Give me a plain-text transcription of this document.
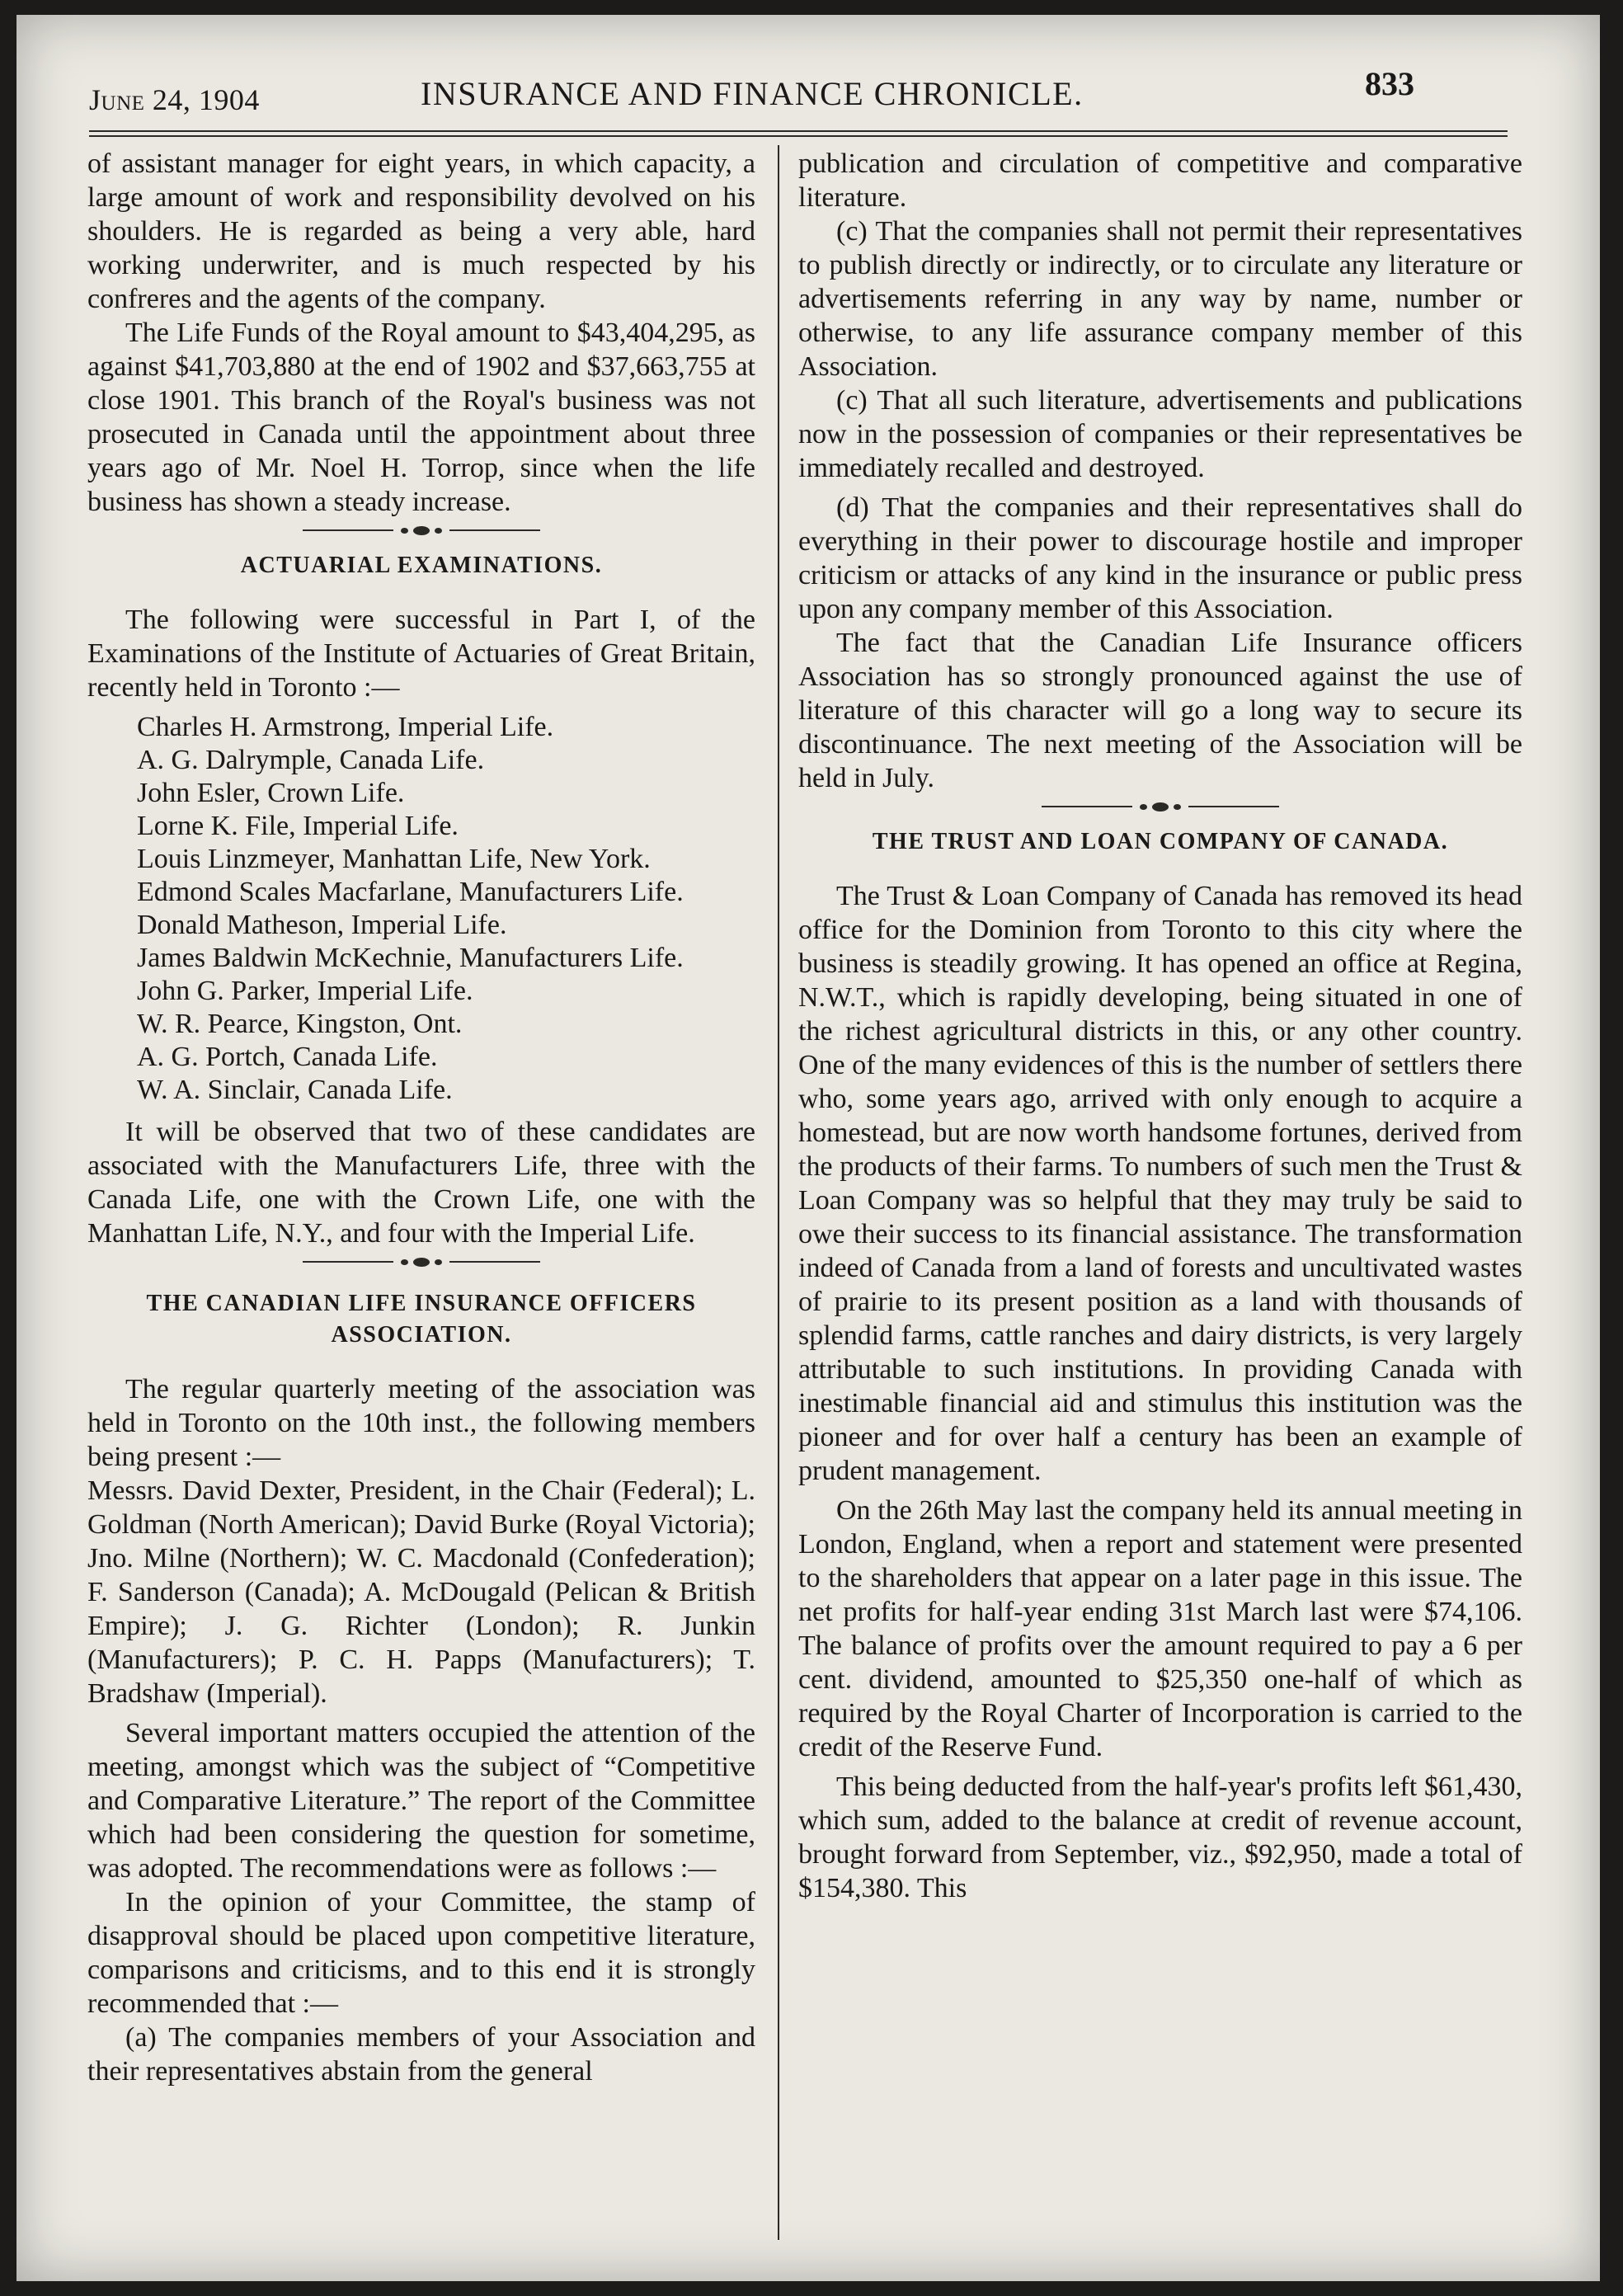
June 24, 1904	INSURANCE AND FINANCE CHRONICLE.	833

of assistant manager for eight years, in which capacity, a large amount of work and responsibility devolved on his shoulders. He is regarded as being a very able, hard working underwriter, and is much respected by his confreres and the agents of the company.

The Life Funds of the Royal amount to $43,404,295, as against $41,703,880 at the end of 1902 and $37,663,755 at close 1901. This branch of the Royal's business was not prosecuted in Canada until the appointment about three years ago of Mr. Noel H. Torrop, since when the life business has shown a steady increase.

ACTUARIAL EXAMINATIONS.

The following were successful in Part I, of the Examinations of the Institute of Actuaries of Great Britain, recently held in Toronto :—

Charles H. Armstrong, Imperial Life.
A. G. Dalrymple, Canada Life.
John Esler, Crown Life.
Lorne K. File, Imperial Life.
Louis Linzmeyer, Manhattan Life, New York.
Edmond Scales Macfarlane, Manufacturers Life.
Donald Matheson, Imperial Life.
James Baldwin McKechnie, Manufacturers Life.
John G. Parker, Imperial Life.
W. R. Pearce, Kingston, Ont.
A. G. Portch, Canada Life.
W. A. Sinclair, Canada Life.

It will be observed that two of these candidates are associated with the Manufacturers Life, three with the Canada Life, one with the Crown Life, one with the Manhattan Life, N.Y., and four with the Imperial Life.

THE CANADIAN LIFE INSURANCE OFFICERS ASSOCIATION.

The regular quarterly meeting of the association was held in Toronto on the 10th inst., the following members being present :—

Messrs. David Dexter, President, in the Chair (Federal); L. Goldman (North American); David Burke (Royal Victoria); Jno. Milne (Northern); W. C. Macdonald (Confederation); F. Sanderson (Canada); A. McDougald (Pelican & British Empire); J. G. Richter (London); R. Junkin (Manufacturers); P. C. H. Papps (Manufacturers); T. Bradshaw (Imperial).

Several important matters occupied the attention of the meeting, amongst which was the subject of “Competitive and Comparative Literature.” The report of the Committee which had been considering the question for sometime, was adopted. The recommendations were as follows :—

In the opinion of your Committee, the stamp of disapproval should be placed upon competitive literature, comparisons and criticisms, and to this end it is strongly recommended that :—

(a) The companies members of your Association and their representatives abstain from the general

publication and circulation of competitive and comparative literature.

(c) That the companies shall not permit their representatives to publish directly or indirectly, or to circulate any literature or advertisements referring in any way by name, number or otherwise, to any life assurance company member of this Association.

(c) That all such literature, advertisements and publications now in the possession of companies or their representatives be immediately recalled and destroyed.

(d) That the companies and their representatives shall do everything in their power to discourage hostile and improper criticism or attacks of any kind in the insurance or public press upon any company member of this Association.

The fact that the Canadian Life Insurance officers Association has so strongly pronounced against the use of literature of this character will go a long way to secure its discontinuance. The next meeting of the Association will be held in July.

THE TRUST AND LOAN COMPANY OF CANADA.

The Trust & Loan Company of Canada has removed its head office for the Dominion from Toronto to this city where the business is steadily growing. It has opened an office at Regina, N.W.T., which is rapidly developing, being situated in one of the richest agricultural districts in this, or any other country. One of the many evidences of this is the number of settlers there who, some years ago, arrived with only enough to acquire a homestead, but are now worth handsome fortunes, derived from the products of their farms. To numbers of such men the Trust & Loan Company was so helpful that they may truly be said to owe their success to its financial assistance. The transformation indeed of Canada from a land of forests and uncultivated wastes of prairie to its present position as a land with thousands of splendid farms, cattle ranches and dairy districts, is very largely attributable to such institutions. In providing Canada with inestimable financial aid and stimulus this institution was the pioneer and for over half a century has been an example of prudent management.

On the 26th May last the company held its annual meeting in London, England, when a report and statement were presented to the shareholders that appear on a later page in this issue. The net profits for half-year ending 31st March last were $74,106. The balance of profits over the amount required to pay a 6 per cent. dividend, amounted to $25,350 one-half of which as required by the Royal Charter of Incorporation is carried to the credit of the Reserve Fund.

This being deducted from the half-year's profits left $61,430, which sum, added to the balance at credit of revenue account, brought forward from September, viz., $92,950, made a total of $154,380. This
